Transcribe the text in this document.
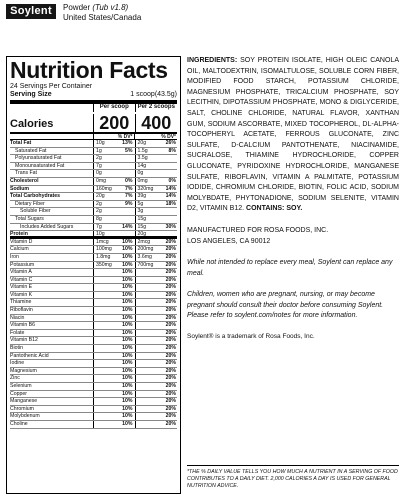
Soylent	Powder (Tub v1.8)
United States/Canada
Nutrition Facts
24 Servings Per Container
Serving Size	1 scoop(43.5g)
Per scoop	Per 2 scoops
Calories	200 400
% DV*	% DV*
Total Fat	10g	13% 20g	26%
Saturated Fat	1g	5% 1.5g	8%
Polyunsaturated Fat	2g	3.5g
Monounsaturated Fat	7g	14g
Trans Fat	0g	0g
Cholesterol	0mg	0% 0mg	0%
Sodium	160mg	7% 320mg	14%
Total Carbohydrates	20g	7% 39g	14%
Dietary Fiber	2g	9% 5g	18%
Soluble Fiber	2g	3g
Total Sugars	8g	15g
Includes Added Sugars	7g	14% 15g	30%
Protein	10g	20g
Vitamin D	1mcg	10% 2mcg	20%
Calcium	100mg	10% 200mg	20%
Iron	1.8mg	10% 3.6mg	20%
Potassium	350mg	10% 700mg	20%
Vitamin A	10%	20%
Vitamin C	10%	20%
Vitamin E	10%	20%
Vitamin K	10%	20%
Thiamine	10%	20%
Riboflavin	10%	20%
Niacin	10%	20%
Vitamin B6	10%	20%
Folate	10%	20%
Vitamin B12	10%	20%
Biotin	10%	20%
Pantothenic Acid	10%	20%
Iodine	10%	20%
Magnesium	10%	20%
Zinc	10%	20%
Selenium	10%	20%
Copper	10%	20%
Manganese	10%	20%
Chromium	10%	20%
Molybdenum	10%	20%
Choline	10%	20%
INGREDIENTS: SOY PROTEIN ISOLATE, HIGH OLEIC CANOLA OIL, MALTODEXTRIN, ISOMALTULOSE, SOLUBLE CORN FIBER, MODIFIED FOOD STARCH, POTASSIUM CHLORIDE, MAGNESIUM PHOSPHATE, TRICALCIUM PHOSPHATE, SOY LECITHIN, DIPOTASSIUM PHOSPHATE, MONO & DIGLYCERIDE, SALT, CHOLINE CHLORIDE, NATURAL FLAVOR, XANTHAN GUM, SODIUM ASCORBATE, MIXED TOCOPHEROL, DL-ALPHA-TOCOPHERYL ACETATE, FERROUS GLUCONATE, ZINC SULFATE, D-CALCIUM PANTOTHENATE, NIACINAMIDE, SUCRALOSE, THIAMINE HYDROCHLORIDE, COPPER GLUCONATE, PYRIDOXINE HYDROCHLORIDE, MANGANESE SULFATE, RIBOFLAVIN, VITAMIN A PALMITATE, POTASSIUM IODIDE, CHROMIUM CHLORIDE, BIOTIN, FOLIC ACID, SODIUM MOLYBDATE, PHYTONADIONE, SODIUM SELENITE, VITAMIN D2, VITAMIN B12. CONTAINS: SOY.
MANUFACTURED FOR ROSA FOODS, INC.
LOS ANGELES, CA 90012
While not intended to replace every meal, Soylent can replace any meal.
Children, women who are pregnant, nursing, or may become pregnant should consult their doctor before consuming Soylent. Please refer to soylent.com/notes for more information.
Soylent® is a trademark of Rosa Foods, Inc.
*THE % DAILY VALUE TELLS YOU HOW MUCH A NUTRIENT IN A SERVING OF FOOD CONTRIBUTES TO A DAILY DIET. 2,000 CALORIES A DAY IS USED FOR GENERAL NUTRITION ADVICE.
